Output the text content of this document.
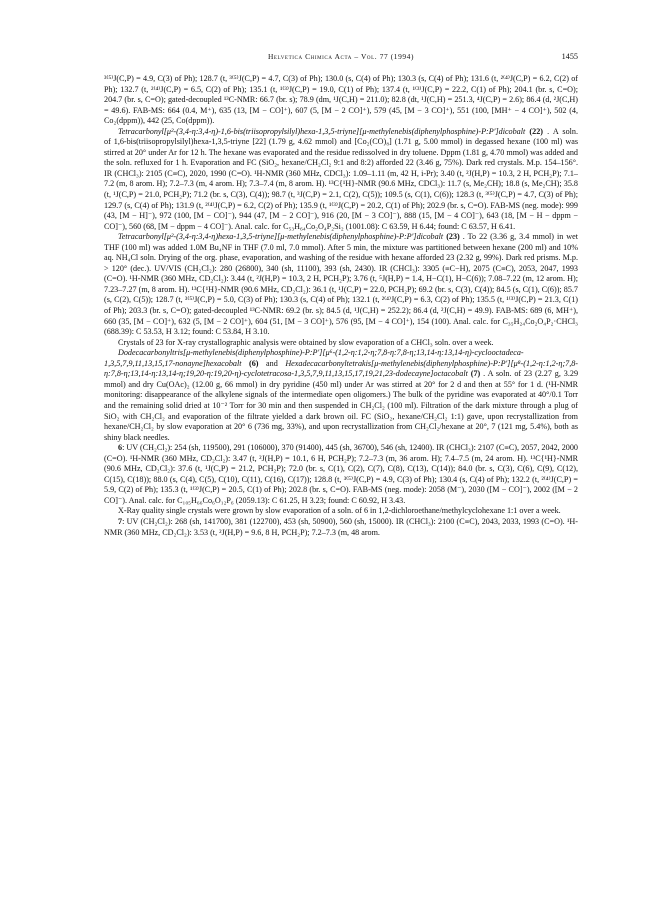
Helvetica Chimica Acta – Vol. 77 (1994)	1455

³⁽⁵⁾J(C,P) = 4.9, C(3) of Ph); 128.7 (t, ³⁽⁵⁾J(C,P) = 4.7, C(3) of Ph); 130.0 (s, C(4) of Ph); 130.3 (s, C(4) of Ph); 131.6 (t, ²⁽⁴⁾J(C,P) = 6.2, C(2) of Ph); 132.7 (t, ²⁽⁴⁾J(C,P) = 6.5, C(2) of Ph); 135.1 (t, ¹⁽³⁾J(C,P) = 19.0, C(1) of Ph); 137.4 (t, ¹⁽³⁾J(C,P) = 22.2, C(1) of Ph); 204.1 (br. s, C=O); 204.7 (br. s, C=O); gated-decoupled ¹³C-NMR: 66.7 (br. s); 78.9 (dm, ¹J(C,H) = 211.0); 82.8 (dt, ¹J(C,H) = 251.3, ⁴J(C,P) = 2.6); 86.4 (d, ²J(C,H) = 49.6). FAB-MS: 664 (0.4, M⁺), 635 (13, [M − CO]⁺), 607 (5, [M − 2 CO]⁺), 579 (45, [M − 3 CO]⁺), 551 (100, [MH⁺ − 4 CO]⁺), 502 (4, Co₂(dppm)), 442 (25, Co(dppm)).

Tetracarbonyl[μ²-(3,4-η:3,4-η)-1,6-bis(triisopropylsilyl)hexa-1,3,5-triyne][μ-methylenebis(diphenylphosphine)-P:P′]dicobalt (22) . A soln. of 1,6-bis(triisopropylsilyl)hexa-1,3,5-triyne [22] (1.79 g, 4.62 mmol) and [Co₂(CO)₈] (1.71 g, 5.00 mmol) in degassed hexane (100 ml) was stirred at 20° under Ar for 12 h. The hexane was evaporated and the residue redissolved in dry toluene. Dppm (1.81 g, 4.70 mmol) was added and the soln. refluxed for 1 h. Evaporation and FC (SiO₂, hexane/CH₂Cl₂ 9:1 and 8:2) afforded 22 (3.46 g, 75%). Dark red crystals. M.p. 154–156°. IR (CHCl₃): 2105 (C≡C), 2020, 1990 (C=O). ¹H-NMR (360 MHz, CDCl₃): 1.09–1.11 (m, 42 H, i-Pr); 3.40 (t, ²J(H,P) = 10.3, 2 H, PCH₂P); 7.1–7.2 (m, 8 arom. H); 7.2–7.3 (m, 4 arom. H); 7.3–7.4 (m, 8 arom. H). ¹³C{¹H}-NMR (90.6 MHz, CDCl₃): 11.7 (s, Me₂CH); 18.8 (s, Me₂CH); 35.8 (t, ¹J(C,P) = 21.0, PCH₂P); 71.2 (br. s, C(3), C(4)); 98.7 (t, ³J(C,P) = 2.1, C(2), C(5)); 109.5 (s, C(1), C(6)); 128.3 (t, ³⁽⁵⁾J(C,P) = 4.7, C(3) of Ph); 129.7 (s, C(4) of Ph); 131.9 (t, ²⁽⁴⁾J(C,P) = 6.2, C(2) of Ph); 135.9 (t, ¹⁽³⁾J(C,P) = 20.2, C(1) of Ph); 202.9 (br. s, C=O). FAB-MS (neg. mode): 999 (43, [M − H]⁻), 972 (100, [M − CO]⁻), 944 (47, [M − 2 CO]⁻), 916 (20, [M − 3 CO]⁻), 888 (15, [M − 4 CO]⁻), 643 (18, [M − H − dppm − CO]⁻), 560 (68, [M − dppm − 4 CO]⁻). Anal. calc. for C₅₃H₆₄Co₂O₄P₂Si₂ (1001.08): C 63.59, H 6.44; found: C 63.57, H 6.41.

Tetracarbonyl[μ²-(3,4-η:3,4-η)hexa-1,3,5-triyne][μ-methylenebis(diphenylphosphine)-P:P′]dicobalt (23) . To 22 (3.36 g, 3.4 mmol) in wet THF (100 ml) was added 1.0M Bu₄NF in THF (7.0 ml, 7.0 mmol). After 5 min, the mixture was partitioned between hexane (200 ml) and 10% aq. NH₄Cl soln. Drying of the org. phase, evaporation, and washing of the residue with hexane afforded 23 (2.32 g, 99%). Dark red prisms. M.p. > 120° (dec.). UV/VIS (CH₂Cl₂): 280 (26800), 340 (sh, 11100), 393 (sh, 2430). IR (CHCl₃): 3305 (≡C−H), 2075 (C≡C), 2053, 2047, 1993 (C=O). ¹H-NMR (360 MHz, CD₂Cl₂): 3.44 (t, ²J(H,P) = 10.3, 2 H, PCH₂P); 3.76 (t, ⁵J(H,P) = 1.4, H−C(1), H−C(6)); 7.08–7.22 (m, 12 arom. H); 7.23–7.27 (m, 8 arom. H). ¹³C{¹H}-NMR (90.6 MHz, CD₂Cl₂): 36.1 (t, ¹J(C,P) = 22.0, PCH₂P); 69.2 (br. s, C(3), C(4)); 84.5 (s, C(1), C(6)); 85.7 (s, C(2), C(5)); 128.7 (t, ³⁽⁵⁾J(C,P) = 5.0, C(3) of Ph); 130.3 (s, C(4) of Ph); 132.1 (t, ²⁽⁴⁾J(C,P) = 6.3, C(2) of Ph); 135.5 (t, ¹⁽³⁾J(C,P) = 21.3, C(1) of Ph); 203.3 (br. s, C=O); gated-decoupled ¹³C-NMR: 69.2 (br. s); 84.5 (d, ¹J(C,H) = 252.2); 86.4 (d, ²J(C,H) = 49.9). FAB-MS: 689 (6, MH⁺), 660 (35, [M − CO]⁺), 632 (5, [M − 2 CO]⁺), 604 (51, [M − 3 CO]⁺), 576 (95, [M − 4 CO]⁺), 154 (100). Anal. calc. for C₃₅H₂₄Co₂O₄P₂·CHCl₃ (688.39): C 53.53, H 3.12; found: C 53.84, H 3.10.

Crystals of 23 for X-ray crystallographic analysis were obtained by slow evaporation of a CHCl₃ soln. over a week.

Dodecacarbonyltris[μ-methylenebis(diphenylphosphine)-P:P′][μ⁶-(1,2-η:1,2-η;7,8-η:7,8-η;13,14-η:13,14-η)-cyclooctadeca-1,3,5,7,9,11,13,15,17-nonayne]hexacobalt (6) and Hexadecacarbonyltetrakis[μ-methylenebis(diphenylphosphine)-P:P′][μ⁸-(1,2-η:1,2-η;7,8-η:7,8-η;13,14-η:13,14-η;19,20-η:19,20-η)-cyclotetracosa-1,3,5,7,9,11,13,15,17,19,21,23-dodecayne]octacobalt (7) . A soln. of 23 (2.27 g, 3.29 mmol) and dry Cu(OAc)₂ (12.00 g, 66 mmol) in dry pyridine (450 ml) under Ar was stirred at 20° for 2 d and then at 55° for 1 d. (¹H-NMR monitoring: disappearance of the alkylene signals of the intermediate open oligomers.) The bulk of the pyridine was evaporated at 40°/0.1 Torr and the remaining solid dried at 10⁻² Torr for 30 min and then suspended in CH₂Cl₂ (100 ml). Filtration of the dark mixture through a plug of SiO₂ with CH₂Cl₂ and evaporation of the filtrate yielded a dark brown oil. FC (SiO₂, hexane/CH₂Cl₂ 1:1) gave, upon recrystallization from hexane/CH₂Cl₂ by slow evaporation at 20° 6 (736 mg, 33%), and upon recrystallization from CH₂Cl₂/hexane at 20°, 7 (121 mg, 5.4%), both as shiny black needles.

6: UV (CH₂Cl₂): 254 (sh, 119500), 291 (106000), 370 (91400), 445 (sh, 36700), 546 (sh, 12400). IR (CHCl₃): 2107 (C≡C), 2057, 2042, 2000 (C=O). ¹H-NMR (360 MHz, CD₂Cl₂): 3.47 (t, ²J(H,P) = 10.1, 6 H, PCH₂P); 7.2–7.3 (m, 36 arom. H); 7.4–7.5 (m, 24 arom. H). ¹³C{¹H}-NMR (90.6 MHz, CD₂Cl₂): 37.6 (t, ¹J(C,P) = 21.2, PCH₂P); 72.0 (br. s, C(1), C(2), C(7), C(8), C(13), C(14)); 84.0 (br. s, C(3), C(6), C(9), C(12), C(15), C(18)); 88.0 (s, C(4), C(5), C(10), C(11), C(16), C(17)); 128.8 (t, ³⁽⁵⁾J(C,P) = 4.9, C(3) of Ph); 130.4 (s, C(4) of Ph); 132.2 (t, ²⁽⁴⁾J(C,P) = 5.9, C(2) of Ph); 135.3 (t, ¹⁽³⁾J(C,P) = 20.5, C(1) of Ph); 202.8 (br. s, C=O). FAB-MS (neg. mode): 2058 (M⁻), 2030 ([M − CO]⁻), 2002 ([M − 2 CO]⁻). Anal. calc. for C₁₀₅H₆₆Co₆O₁₂P₆ (2059.13): C 61.25, H 3.23; found: C 60.92, H 3.43.

X-Ray quality single crystals were grown by slow evaporation of a soln. of 6 in 1,2-dichloroethane/methylcyclohexane 1:1 over a week.

7: UV (CH₂Cl₂): 268 (sh, 141700), 381 (122700), 453 (sh, 50900), 560 (sh, 15000). IR (CHCl₃): 2100 (C≡C), 2043, 2033, 1993 (C=O). ¹H-NMR (360 MHz, CD₂Cl₂): 3.53 (t, ²J(H,P) = 9.6, 8 H, PCH₂P); 7.2–7.3 (m, 48 arom.
